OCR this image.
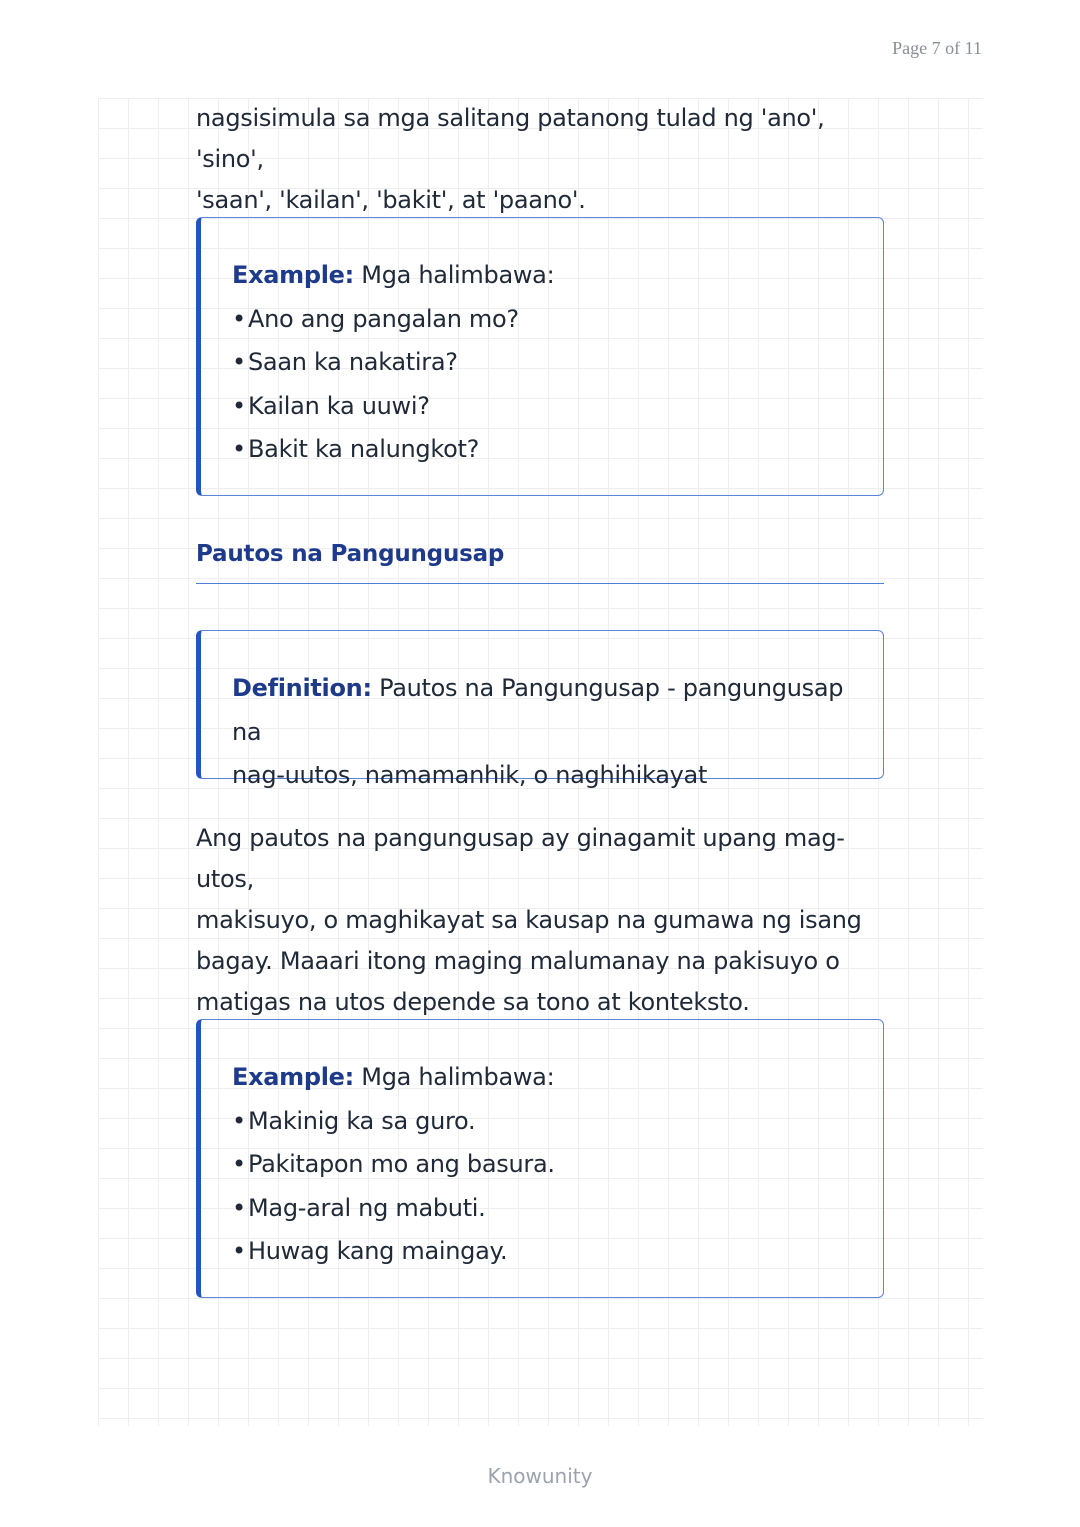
Page 7 of 11

nagsisimula sa mga salitang patanong tulad ng 'ano', 'sino',

'saan', 'kailan', 'bakit', at 'paano'.

Example: Mga halimbawa:
•Ano ang pangalan mo?
•Saan ka nakatira?
•Kailan ka uuwi?
•Bakit ka nalungkot?
Pautos na Pangungusap
Definition: Pautos na Pangungusap - pangungusap na
nag-uutos, namamanhik, o naghihikayat

Ang pautos na pangungusap ay ginagamit upang mag-utos,

makisuyo, o maghikayat sa kausap na gumawa ng isang

bagay. Maaari itong maging malumanay na pakisuyo o

matigas na utos depende sa tono at konteksto.

Example: Mga halimbawa:
•Makinig ka sa guro.
•Pakitapon mo ang basura.
•Mag-aral ng mabuti.
•Huwag kang maingay.
Knowunity
